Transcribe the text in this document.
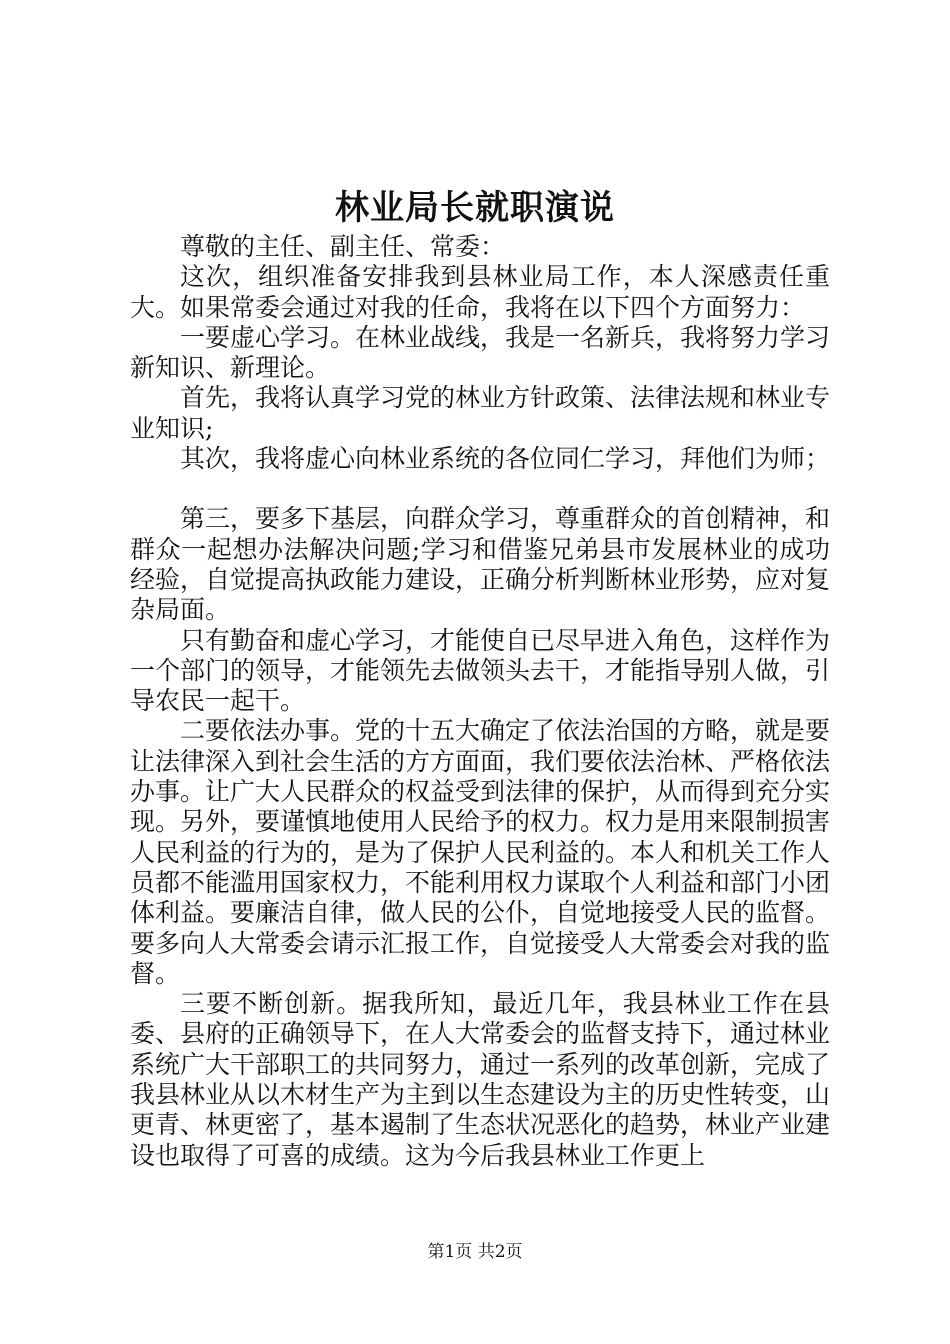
林业局长就职演说

尊敬的主任、副主任、常委：

这次，组织准备安排我到县林业局工作，本人深感责任重大。如果常委会通过对我的任命，我将在以下四个方面努力：

一要虚心学习。在林业战线，我是一名新兵，我将努力学习新知识、新理论。

首先，我将认真学习党的林业方针政策、法律法规和林业专业知识;

其次，我将虚心向林业系统的各位同仁学习，拜他们为师；

第三，要多下基层，向群众学习，尊重群众的首创精神，和群众一起想办法解决问题;学习和借鉴兄弟县市发展林业的成功经验，自觉提高执政能力建设，正确分析判断林业形势，应对复杂局面。

只有勤奋和虚心学习，才能使自已尽早进入角色，这样作为一个部门的领导，才能领先去做领头去干，才能指导别人做，引导农民一起干。

二要依法办事。党的十五大确定了依法治国的方略，就是要让法律深入到社会生活的方方面面，我们要依法治林、严格依法办事。让广大人民群众的权益受到法律的保护，从而得到充分实现。另外，要谨慎地使用人民给予的权力。权力是用来限制损害人民利益的行为的，是为了保护人民利益的。本人和机关工作人员都不能滥用国家权力，不能利用权力谋取个人利益和部门小团体利益。要廉洁自律，做人民的公仆，自觉地接受人民的监督。要多向人大常委会请示汇报工作，自觉接受人大常委会对我的监督。

三要不断创新。据我所知，最近几年，我县林业工作在县委、县府的正确领导下，在人大常委会的监督支持下，通过林业系统广大干部职工的共同努力，通过一系列的改革创新，完成了我县林业从以木材生产为主到以生态建设为主的历史性转变，山更青、林更密了，基本遏制了生态状况恶化的趋势，林业产业建设也取得了可喜的成绩。这为今后我县林业工作更上

第1页 共2页
